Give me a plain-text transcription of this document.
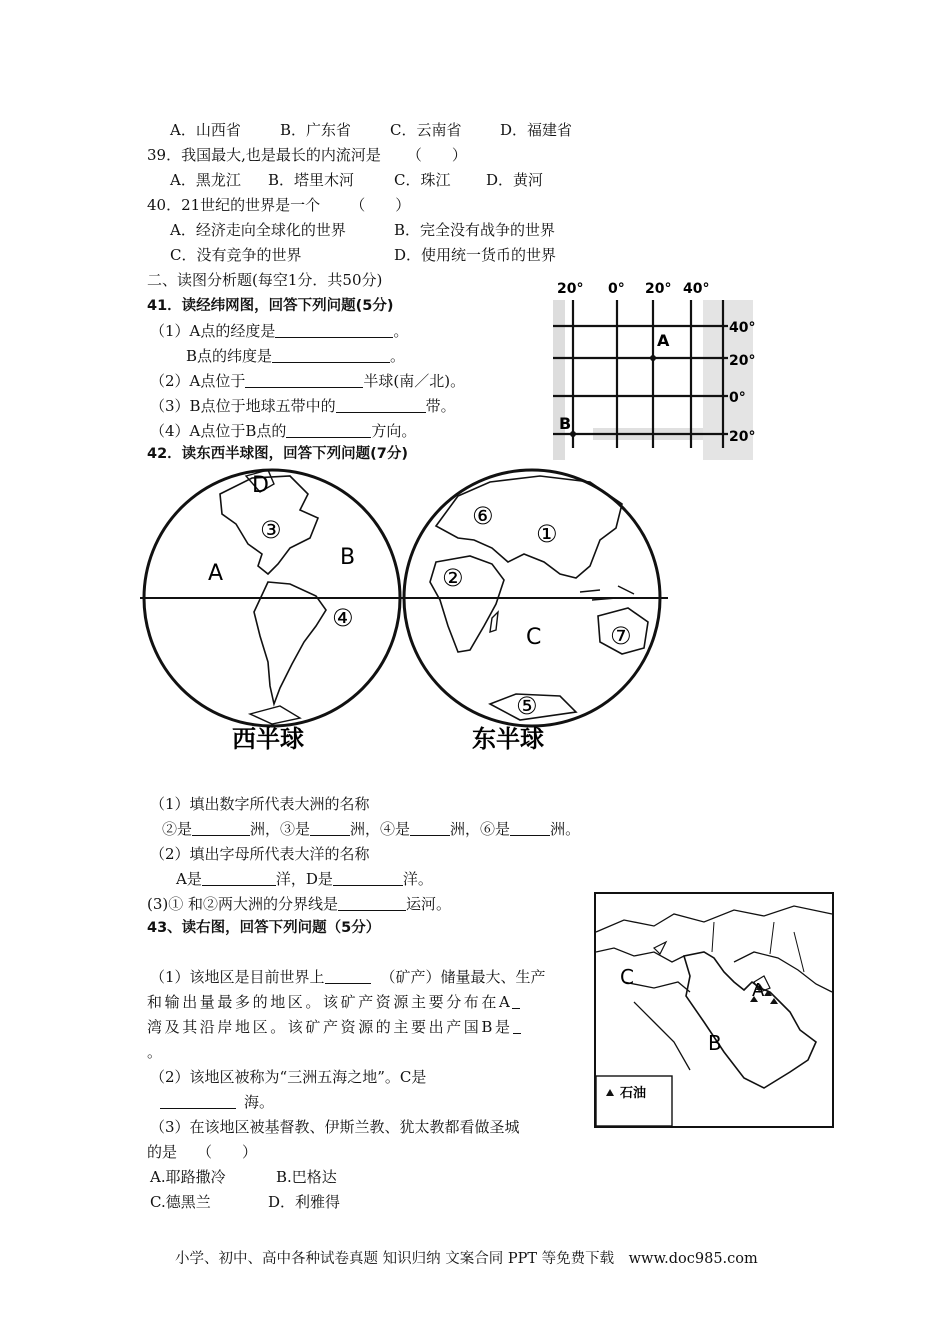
A．山西省	B．广东省	C．云南省	D．福建省
39．我国最大,也是最长的内流河是 （　　）
A．黑龙江 B．塔里木河	C．珠江 D．黄河
40．21世纪的世界是一个 （　　）
A．经济走向全球化的世界	B．完全没有战争的世界
C．没有竞争的世界	D．使用统一货币的世界
二、读图分析题(每空1分．共50分)
41．读经纬网图，回答下列问题(5分)
（1）A点的经度是	。
B点的纬度是	。
（2）A点位于	半球(南／北)。
（3）B点位于地球五带中的	带。
（4）A点位于B点的	方向。
20° 0° 20° 40°
40°
20°
0°
20°
A
B
42．读东西半球图，回答下列问题(7分)
A
B
C
D
①
②
③
④
⑤
⑥
⑦
西半球	东半球
（1）填出数字所代表大洲的名称
②是	洲，③是	洲，④是	洲，⑥是	洲。
（2）填出字母所代表大洋的名称
A是	洋，D是	洋。
(3)① 和②两大洲的分界线是	运河。
43、读右图，回答下列问题（5分）
（1）该地区是目前世界上	（矿产）储量最大、生产
和输出量最多的地区。该矿产资源主要分布在A
湾及其沿岸地区。该矿产资源的主要出产国B是
。
（2）该地区被称为“三洲五海之地”。C是
海。
（3）在该地区被基督教、伊斯兰教、犹太教都看做圣城
的是 （　　）
A.耶路撒冷	B.巴格达
C.德黑兰	D．利雅得
C
A
B
石油
小学、初中、高中各种试卷真题 知识归纳 文案合同 PPT 等免费下载　www.doc985.com
